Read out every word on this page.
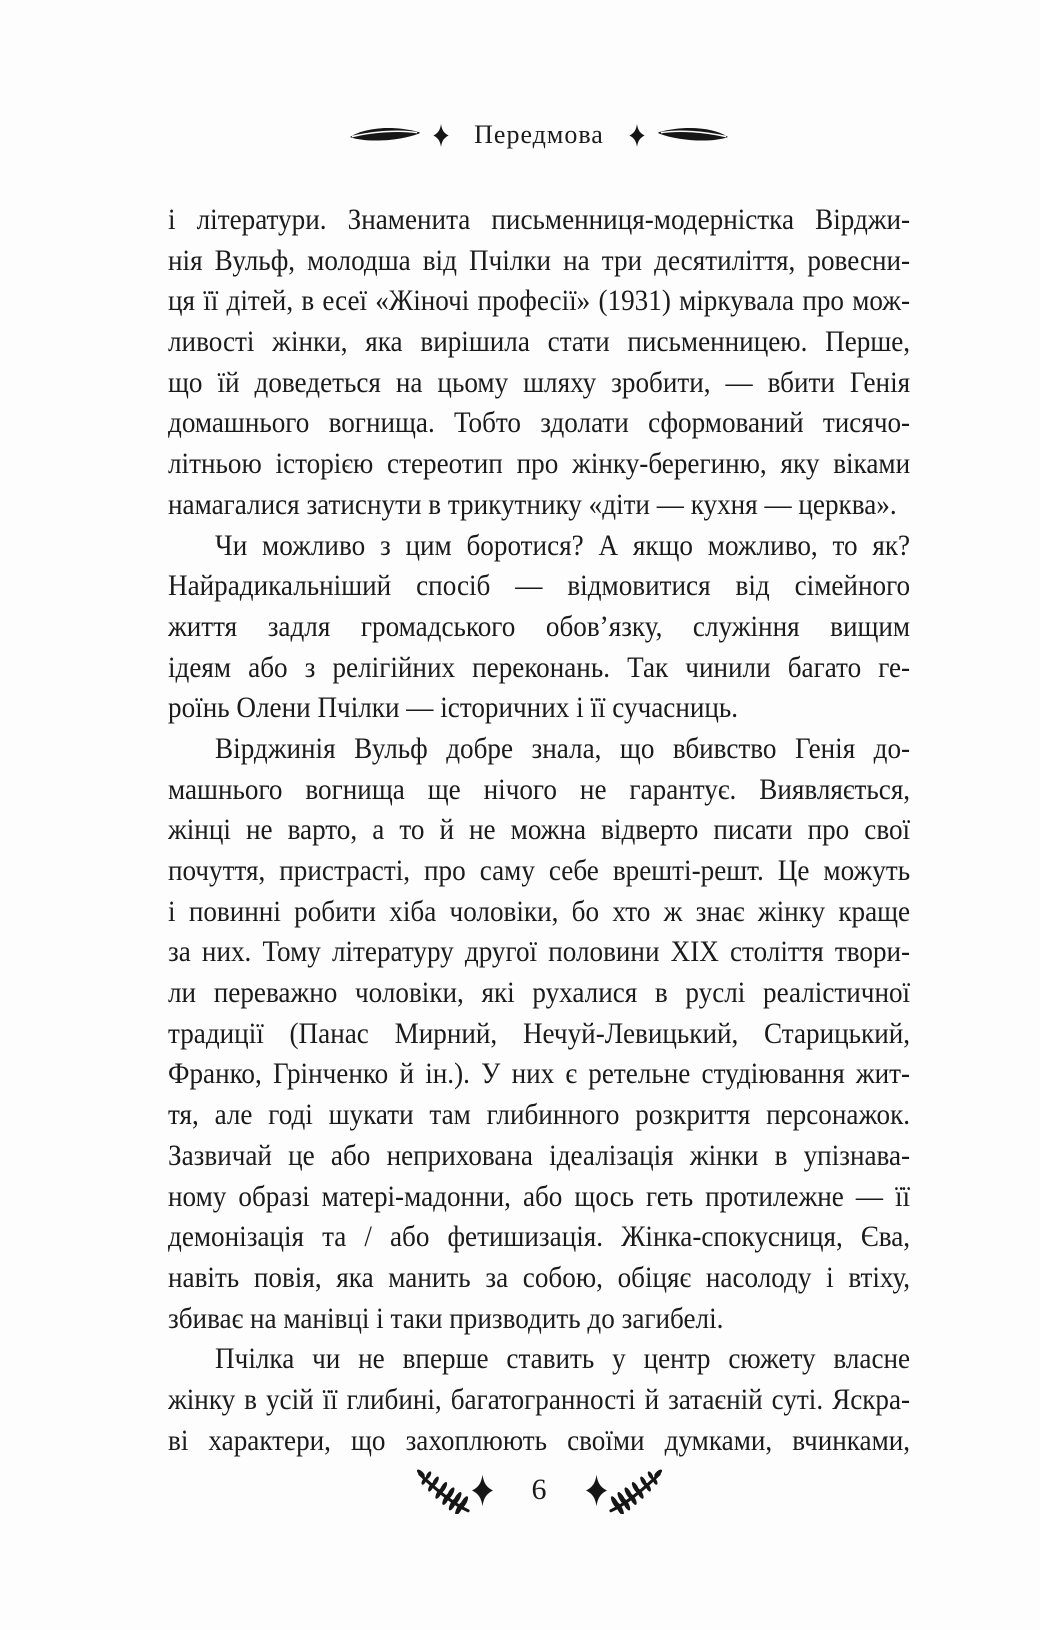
Передмова
і літератури. Знаменита письменниця-модерністка Вірджи-
нія Вульф, молодша від Пчілки на три десятиліття, ровесни-
ця її дітей, в есеї «Жіночі професії» (1931) міркувала про мож-
ливості жінки, яка вирішила стати письменницею. Перше,
що їй доведеться на цьому шляху зробити, — вбити Генія
домашнього вогнища. Тобто здолати сформований тисячо-
літньою історією стереотип про жінку-берегиню, яку віками
намагалися затиснути в трикутнику «діти — кухня — церква».
Чи можливо з цим боротися? А якщо можливо, то як?
Найрадикальніший спосіб — відмовитися від сімейного
життя задля громадського обов’язку, служіння вищим
ідеям або з релігійних переконань. Так чинили багато ге-
роїнь Олени Пчілки — історичних і її сучасниць.
Вірджинія Вульф добре знала, що вбивство Генія до-
машнього вогнища ще нічого не гарантує. Виявляється,
жінці не варто, а то й не можна відверто писати про свої
почуття, пристрасті, про саму себе врешті-решт. Це можуть
і повинні робити хіба чоловіки, бо хто ж знає жінку краще
за них. Тому літературу другої половини XIX століття твори-
ли переважно чоловіки, які рухалися в руслі реалістичної
традиції (Панас Мирний, Нечуй-Левицький, Старицький,
Франко, Грінченко й ін.). У них є ретельне студіювання жит-
тя, але годі шукати там глибинного розкриття персонажок.
Зазвичай це або неприхована ідеалізація жінки в упізнава-
ному образі матері-мадонни, або щось геть протилежне — її
демонізація та / або фетишизація. Жінка-спокусниця, Єва,
навіть повія, яка манить за собою, обіцяє насолоду і втіху,
збиває на манівці і таки призводить до загибелі.
Пчілка чи не вперше ставить у центр сюжету власне
жінку в усій її глибині, багатогранності й затаєній суті. Яскра-
ві характери, що захоплюють своїми думками, вчинками,
6
